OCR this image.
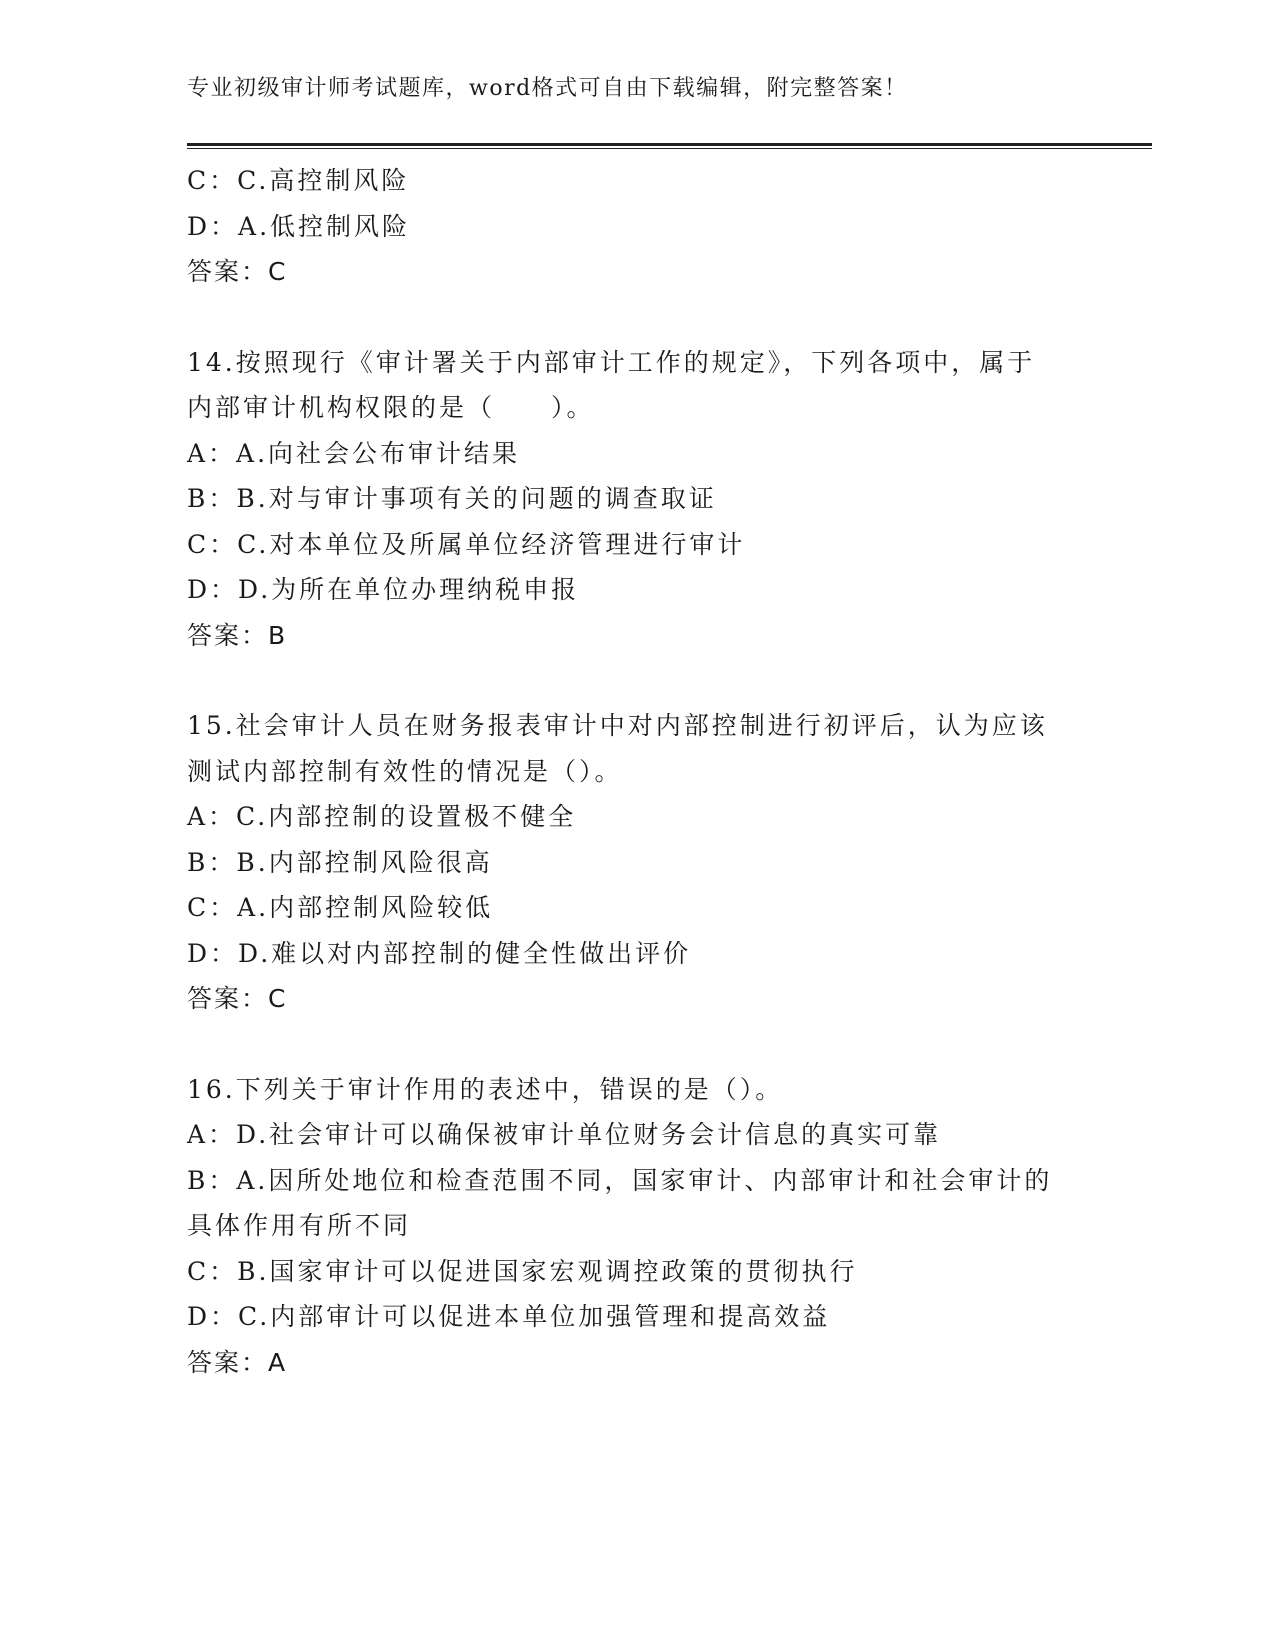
专业初级审计师考试题库，word格式可自由下载编辑，附完整答案！
C：C.高控制风险
D：A.低控制风险
答案：C
14.按照现行《审计署关于内部审计工作的规定》，下列各项中，属于
内部审计机构权限的是（　　）。
A：A.向社会公布审计结果
B：B.对与审计事项有关的问题的调查取证
C：C.对本单位及所属单位经济管理进行审计
D：D.为所在单位办理纳税申报
答案：B
15.社会审计人员在财务报表审计中对内部控制进行初评后，认为应该
测试内部控制有效性的情况是（）。
A：C.内部控制的设置极不健全
B：B.内部控制风险很高
C：A.内部控制风险较低
D：D.难以对内部控制的健全性做出评价
答案：C
16.下列关于审计作用的表述中，错误的是（）。
A：D.社会审计可以确保被审计单位财务会计信息的真实可靠
B：A.因所处地位和检查范围不同，国家审计、内部审计和社会审计的
具体作用有所不同
C：B.国家审计可以促进国家宏观调控政策的贯彻执行
D：C.内部审计可以促进本单位加强管理和提高效益
答案：A
